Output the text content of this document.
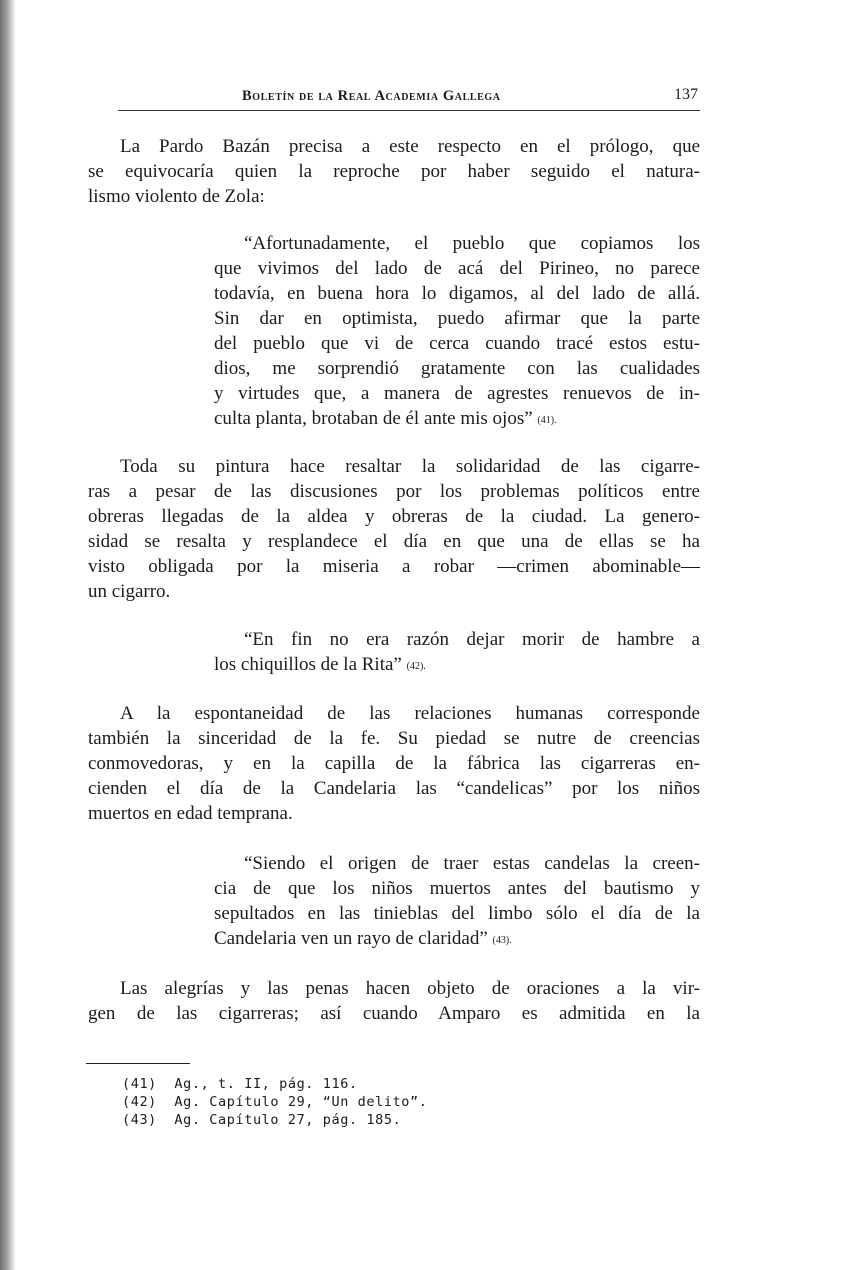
Boletín de la Real Academia Gallega	137
La Pardo Bazán precisa a este respecto en el prólogo, que
se equivocaría quien la reproche por haber seguido el natura-
lismo violento de Zola:
“Afortunadamente, el pueblo que copiamos los
que vivimos del lado de acá del Pirineo, no parece
todavía, en buena hora lo digamos, al del lado de allá.
Sin dar en optimista, puedo afirmar que la parte
del pueblo que vi de cerca cuando tracé estos estu-
dios, me sorprendió gratamente con las cualidades
y virtudes que, a manera de agrestes renuevos de in-
culta planta, brotaban de él ante mis ojos” (41).
Toda su pintura hace resaltar la solidaridad de las cigarre-
ras a pesar de las discusiones por los problemas políticos entre
obreras llegadas de la aldea y obreras de la ciudad. La genero-
sidad se resalta y resplandece el día en que una de ellas se ha
visto obligada por la miseria a robar —crimen abominable—
un cigarro.
“En fin no era razón dejar morir de hambre a
los chiquillos de la Rita” (42).
A la espontaneidad de las relaciones humanas corresponde
también la sinceridad de la fe. Su piedad se nutre de creencias
conmovedoras, y en la capilla de la fábrica las cigarreras en-
cienden el día de la Candelaria las “candelicas” por los niños
muertos en edad temprana.
“Siendo el origen de traer estas candelas la creen-
cia de que los niños muertos antes del bautismo y
sepultados en las tinieblas del limbo sólo el día de la
Candelaria ven un rayo de claridad” (43).
Las alegrías y las penas hacen objeto de oraciones a la vir-
gen de las cigarreras; así cuando Amparo es admitida en la
(41) Ag., t. II, pág. 116.
(42) Ag. Capítulo 29, “Un delito”.
(43) Ag. Capítulo 27, pág. 185.
